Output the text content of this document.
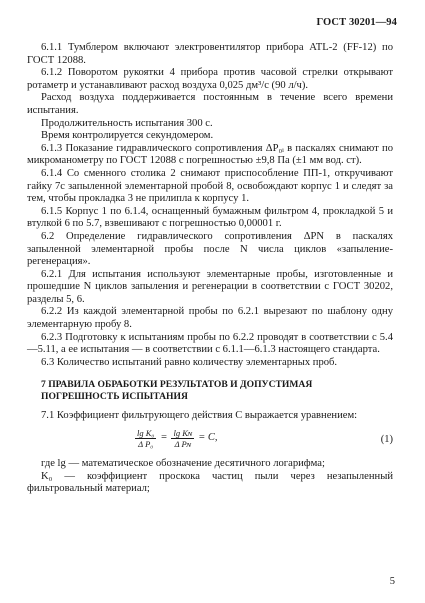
ГОСТ 30201—94

6.1.1 Тумблером включают электровентилятор прибора ATL-2 (FF-12) по ГОСТ 12088.

6.1.2 Поворотом рукоятки 4 прибора против часовой стрелки открывают ротаметр и устанавливают расход воздуха 0,025 дм³/с (90 л/ч).

Расход воздуха поддерживается постоянным в течение всего времени испытания.

Продолжительность испытания 300 с.

Время контролируется секундомером.

6.1.3 Показание гидравлического сопротивления ΔP₀ᵢ в паскалях снимают по микроманометру по ГОСТ 12088 с погрешностью ±9,8 Па (±1 мм вод. ст).

6.1.4 Со сменного столика 2 снимают приспособление ПП-1, откручивают гайку 7с запыленной элементарной пробой 8, освобождают корпус 1 и следят за тем, чтобы прокладка 3 не прилипла к корпусу 1.

6.1.5 Корпус 1 по 6.1.4, оснащенный бумажным фильтром 4, прокладкой 5 и втулкой 6 по 5.7, взвешивают с погрешностью 0,00001 г.

6.2 Определение гидравлического сопротивления ΔPN в паскалях запыленной элементарной пробы после N числа циклов «запыление-регенерация».

6.2.1 Для испытания используют элементарные пробы, изготовленные и прошедшие N циклов запыления и регенерации в соответствии с ГОСТ 30202, разделы 5, 6.

6.2.2 Из каждой элементарной пробы по 6.2.1 вырезают по шаблону одну элементарную пробу 8.

6.2.3 Подготовку к испытаниям пробы по 6.2.2 проводят в соответствии с 5.4—5.11, а ее испытания — в соответствии с 6.1.1—6.1.3 настоящего стандарта.

6.3 Количество испытаний равно количеству элементарных проб.

7 ПРАВИЛА ОБРАБОТКИ РЕЗУЛЬТАТОВ И ДОПУСТИМАЯ ПОГРЕШНОСТЬ ИСПЫТАНИЯ

7.1 Коэффициент фильтрующего действия C выражается уравнением:

$\frac{\text{lg K₀}}{\text{Δ P₀}} = \frac{\text{lg Kɴ}}{\text{Δ Pɴ}} = C$,	(1)

где lg — математическое обозначение десятичного логарифма;

K₀ — коэффициент проскока частиц пыли через незапыленный фильтровальный материал;

5
